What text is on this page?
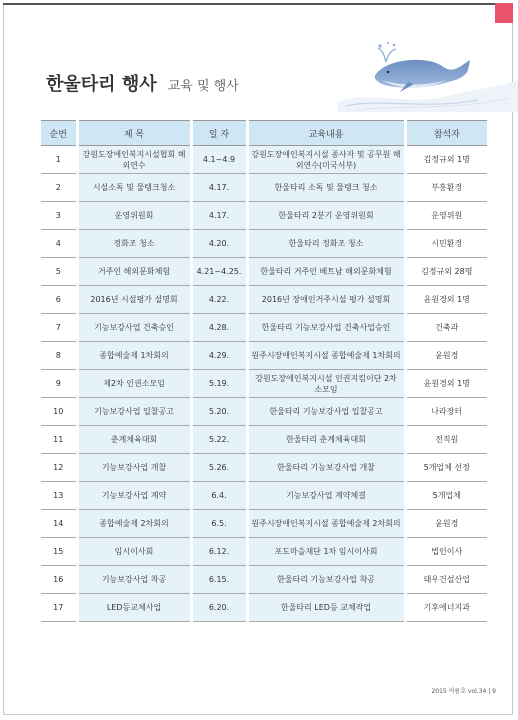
한울타리 행사 교육 및 행사
순번	제 목	일 자	교육내용	참석자
1	강원도장애인복지시설협회 해외연수	4.1~4.9	강원도장애인복지시설 종사자 및 공무원 해외연수(미국서부)	김정규외 1명
2	시설소독 및 물탱크청소	4.17.	한울타리 소독 및 물탱크 청소	부흥환경
3	운영위원회	4.17.	한울타리 2분기 운영위원회	운영위원
4	정화조 청소	4.20.	한울타리 정화조 청소	시민환경
5	거주인 해외문화체험	4.21~4.25.	한울타리 거주인 베트남 해외문화체험	김정규외 28명
6	2016년 시설평가 설명회	4.22.	2016년 장애인거주시설 평가 설명회	윤원경외 1명
7	기능보강사업 건축승인	4.28.	한울타리 기능보강사업 건축사업승인	건축과
8	종합예술제 1차회의	4.29.	원주시장애인복지시설 종합예술제 1차회의	윤원경
9	제2차 인권소모임	5.19.	강원도장애인복지시설 인권지킴이단 2차 소모임	윤원경외 1명
10	기능보강사업 입찰공고	5.20.	한울타리 기능보강사업 입찰공고	나라장터
11	춘계체육대회	5.22.	한울타리 춘계체육대회	전직원
12	기능보강사업 개찰	5.26.	한울타리 기능보강사업 개찰	5개업체 선정
13	기능보강사업 계약	6.4.	기능보강사업 계약체결	5개업체
14	종합예술제 2차회의	6.5.	원주시장애인복지시설 종합예술제 2차회의	윤원경
15	임시이사회	6.12.	포도마을재단 1차 임시이사회	법인이사
16	기능보강사업 착공	6.15.	한울타리 기능보강사업 착공	태우건설산업
17	LED등교체사업	6.20.	한울타리 LED등 교체작업	기후에너지과
2015 여름호 vol.34 | 9
